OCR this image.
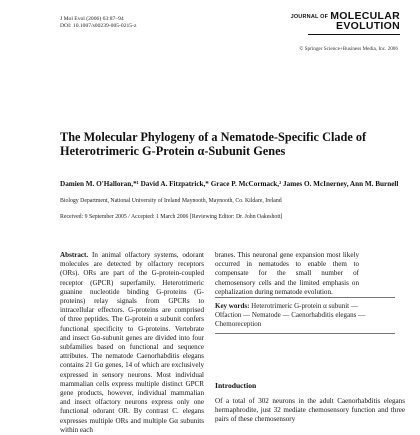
J Mol Evol (2006) 63:87–94
DOI: 10.1007/s00239-005-0215-z
JOURNAL OF MOLECULAR
EVOLUTION
© Springer Science+Business Media, Inc. 2006
The Molecular Phylogeny of a Nematode-Specific Clade of Heterotrimeric G-Protein α-Subunit Genes
Damien M. O'Halloran,*¹ David A. Fitzpatrick,* Grace P. McCormack,² James O. McInerney, Ann M. Burnell
Biology Department, National University of Ireland Maynooth, Maynooth, Co. Kildare, Ireland
Received: 9 September 2005 / Accepted: 1 March 2006 [Reviewing Editor: Dr. John Oakeshott]
Abstract. In animal olfactory systems, odorant molecules are detected by olfactory receptors (ORs). ORs are part of the G-protein-coupled receptor (GPCR) superfamily. Heterotrimeric guanine nucleotide binding G-proteins (G-proteins) relay signals from GPCRs to intracellular effectors. G-proteins are comprised of three peptides. The G-protein α subunit confers functional specificity to G-proteins. Vertebrate and insect Gα-subunit genes are divided into four subfamilies based on functional and sequence attributes. The nematode Caenorhabditis elegans contains 21 Gα genes, 14 of which are exclusively expressed in sensory neurons. Most individual mammalian cells express multiple distinct GPCR gene products, however, individual mammalian and insect olfactory neurons express only one functional odorant OR. By contrast C. elegans expresses multiple ORs and multiple Gα subunits within each
branes. This neuronal gene expansion most likely occurred in nematodes to enable them to compensate for the small number of chemosensory cells and the limited emphasis on cephalization during nematode evolution.
Key words: Heterotrimeric G-protein α subunit — Olfaction — Nematode — Caenorhabditis elegans — Chemoreception
Introduction
Of a total of 302 neurons in the adult Caenorhabditis elegans hermaphrodite, just 32 mediate chemosensory function and three pairs of these chemosensory
